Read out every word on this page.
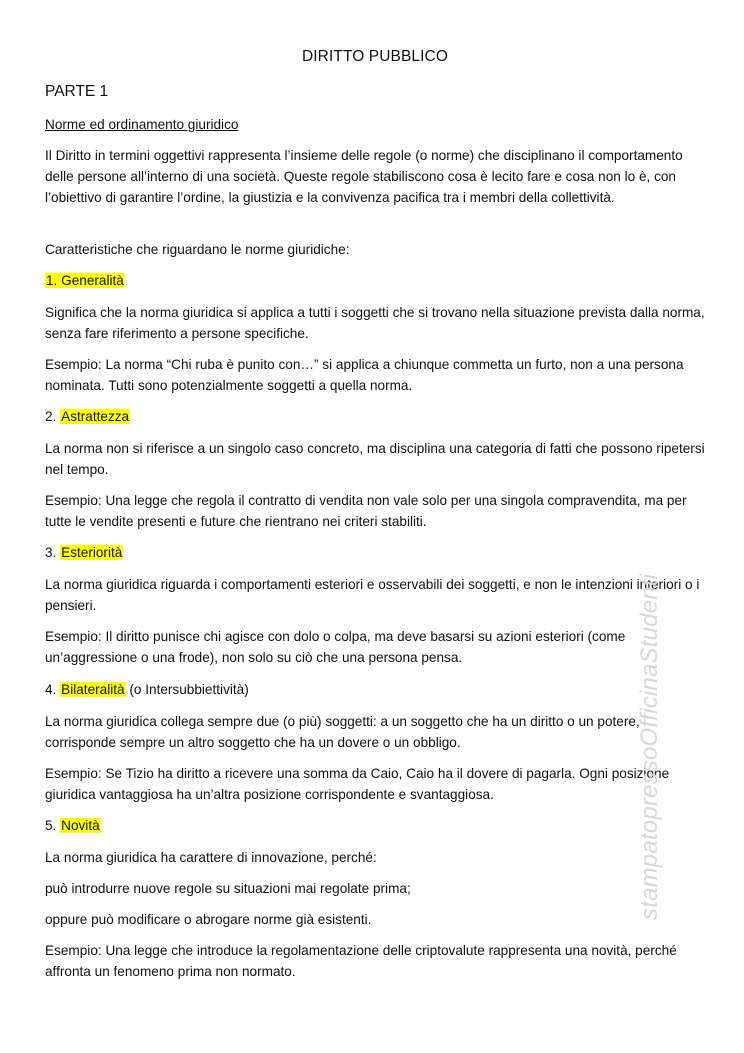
DIRITTO PUBBLICO
PARTE 1

Norme ed ordinamento giuridico

Il Diritto in termini oggettivi rappresenta l’insieme delle regole (o norme) che disciplinano il comportamento delle persone all’interno di una società. Queste regole stabiliscono cosa è lecito fare e cosa non lo è, con l’obiettivo di garantire l’ordine, la giustizia e la convivenza pacifica tra i membri della collettività.

Caratteristiche che riguardano le norme giuridiche:

1. Generalità

Significa che la norma giuridica si applica a tutti i soggetti che si trovano nella situazione prevista dalla norma, senza fare riferimento a persone specifiche.

Esempio: La norma “Chi ruba è punito con…” si applica a chiunque commetta un furto, non a una persona nominata. Tutti sono potenzialmente soggetti a quella norma.

2. Astrattezza

La norma non si riferisce a un singolo caso concreto, ma disciplina una categoria di fatti che possono ripetersi nel tempo.

Esempio: Una legge che regola il contratto di vendita non vale solo per una singola compravendita, ma per tutte le vendite presenti e future che rientrano nei criteri stabiliti.

3. Esteriorità

La norma giuridica riguarda i comportamenti esteriori e osservabili dei soggetti, e non le intenzioni interiori o i pensieri.

Esempio: Il diritto punisce chi agisce con dolo o colpa, ma deve basarsi su azioni esteriori (come un’aggressione o una frode), non solo su ciò che una persona pensa.

4. Bilateralità (o Intersubbiettività)

La norma giuridica collega sempre due (o più) soggetti: a un soggetto che ha un diritto o un potere, corrisponde sempre un altro soggetto che ha un dovere o un obbligo.

Esempio: Se Tizio ha diritto a ricevere una somma da Caio, Caio ha il dovere di pagarla. Ogni posizione giuridica vantaggiosa ha un’altra posizione corrispondente e svantaggiosa.

5. Novità

La norma giuridica ha carattere di innovazione, perché:

può introdurre nuove regole su situazioni mai regolate prima;

oppure può modificare o abrogare norme già esistenti.

Esempio: Una legge che introduce la regolamentazione delle criptovalute rappresenta una novità, perché affronta un fenomeno prima non normato.

stampatopressoOfficinaStudenti
